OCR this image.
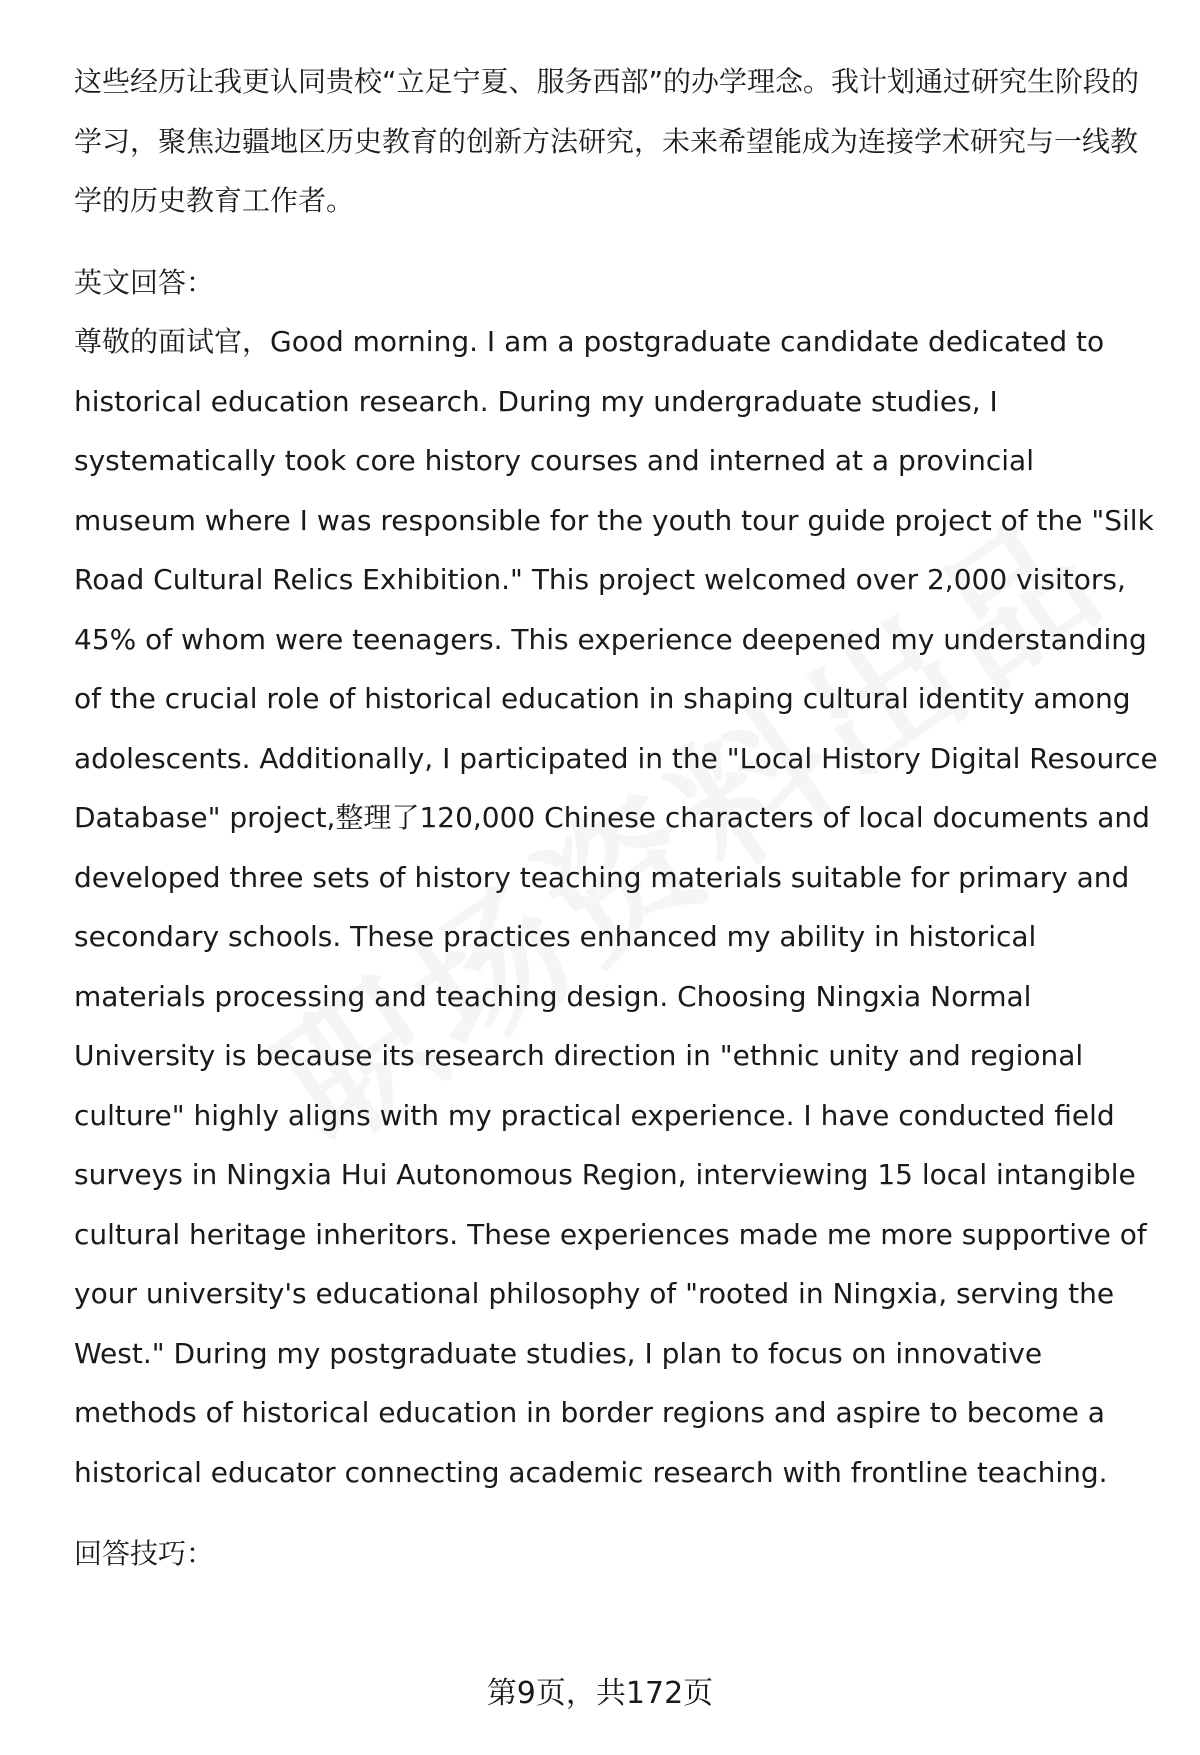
这些经历让我更认同贵校“立足宁夏、服务西部”的办学理念。我计划通过研究生阶段的学习，聚焦边疆地区历史教育的创新方法研究，未来希望能成为连接学术研究与一线教学的历史教育工作者。

英文回答：

尊敬的面试官，Good morning. I am a postgraduate candidate dedicated to historical education research. During my undergraduate studies, I systematically took core history courses and interned at a provincial museum where I was responsible for the youth tour guide project of the "Silk Road Cultural Relics Exhibition." This project welcomed over 2,000 visitors, 45% of whom were teenagers. This experience deepened my understanding of the crucial role of historical education in shaping cultural identity among adolescents. Additionally, I participated in the "Local History Digital Resource Database" project,整理了120,000 Chinese characters of local documents and developed three sets of history teaching materials suitable for primary and secondary schools. These practices enhanced my ability in historical materials processing and teaching design. Choosing Ningxia Normal University is because its research direction in "ethnic unity and regional culture" highly aligns with my practical experience. I have conducted field surveys in Ningxia Hui Autonomous Region, interviewing 15 local intangible cultural heritage inheritors. These experiences made me more supportive of your university's educational philosophy of "rooted in Ningxia, serving the West." During my postgraduate studies, I plan to focus on innovative methods of historical education in border regions and aspire to become a historical educator connecting academic research with frontline teaching.

回答技巧：

第9页，共172页
